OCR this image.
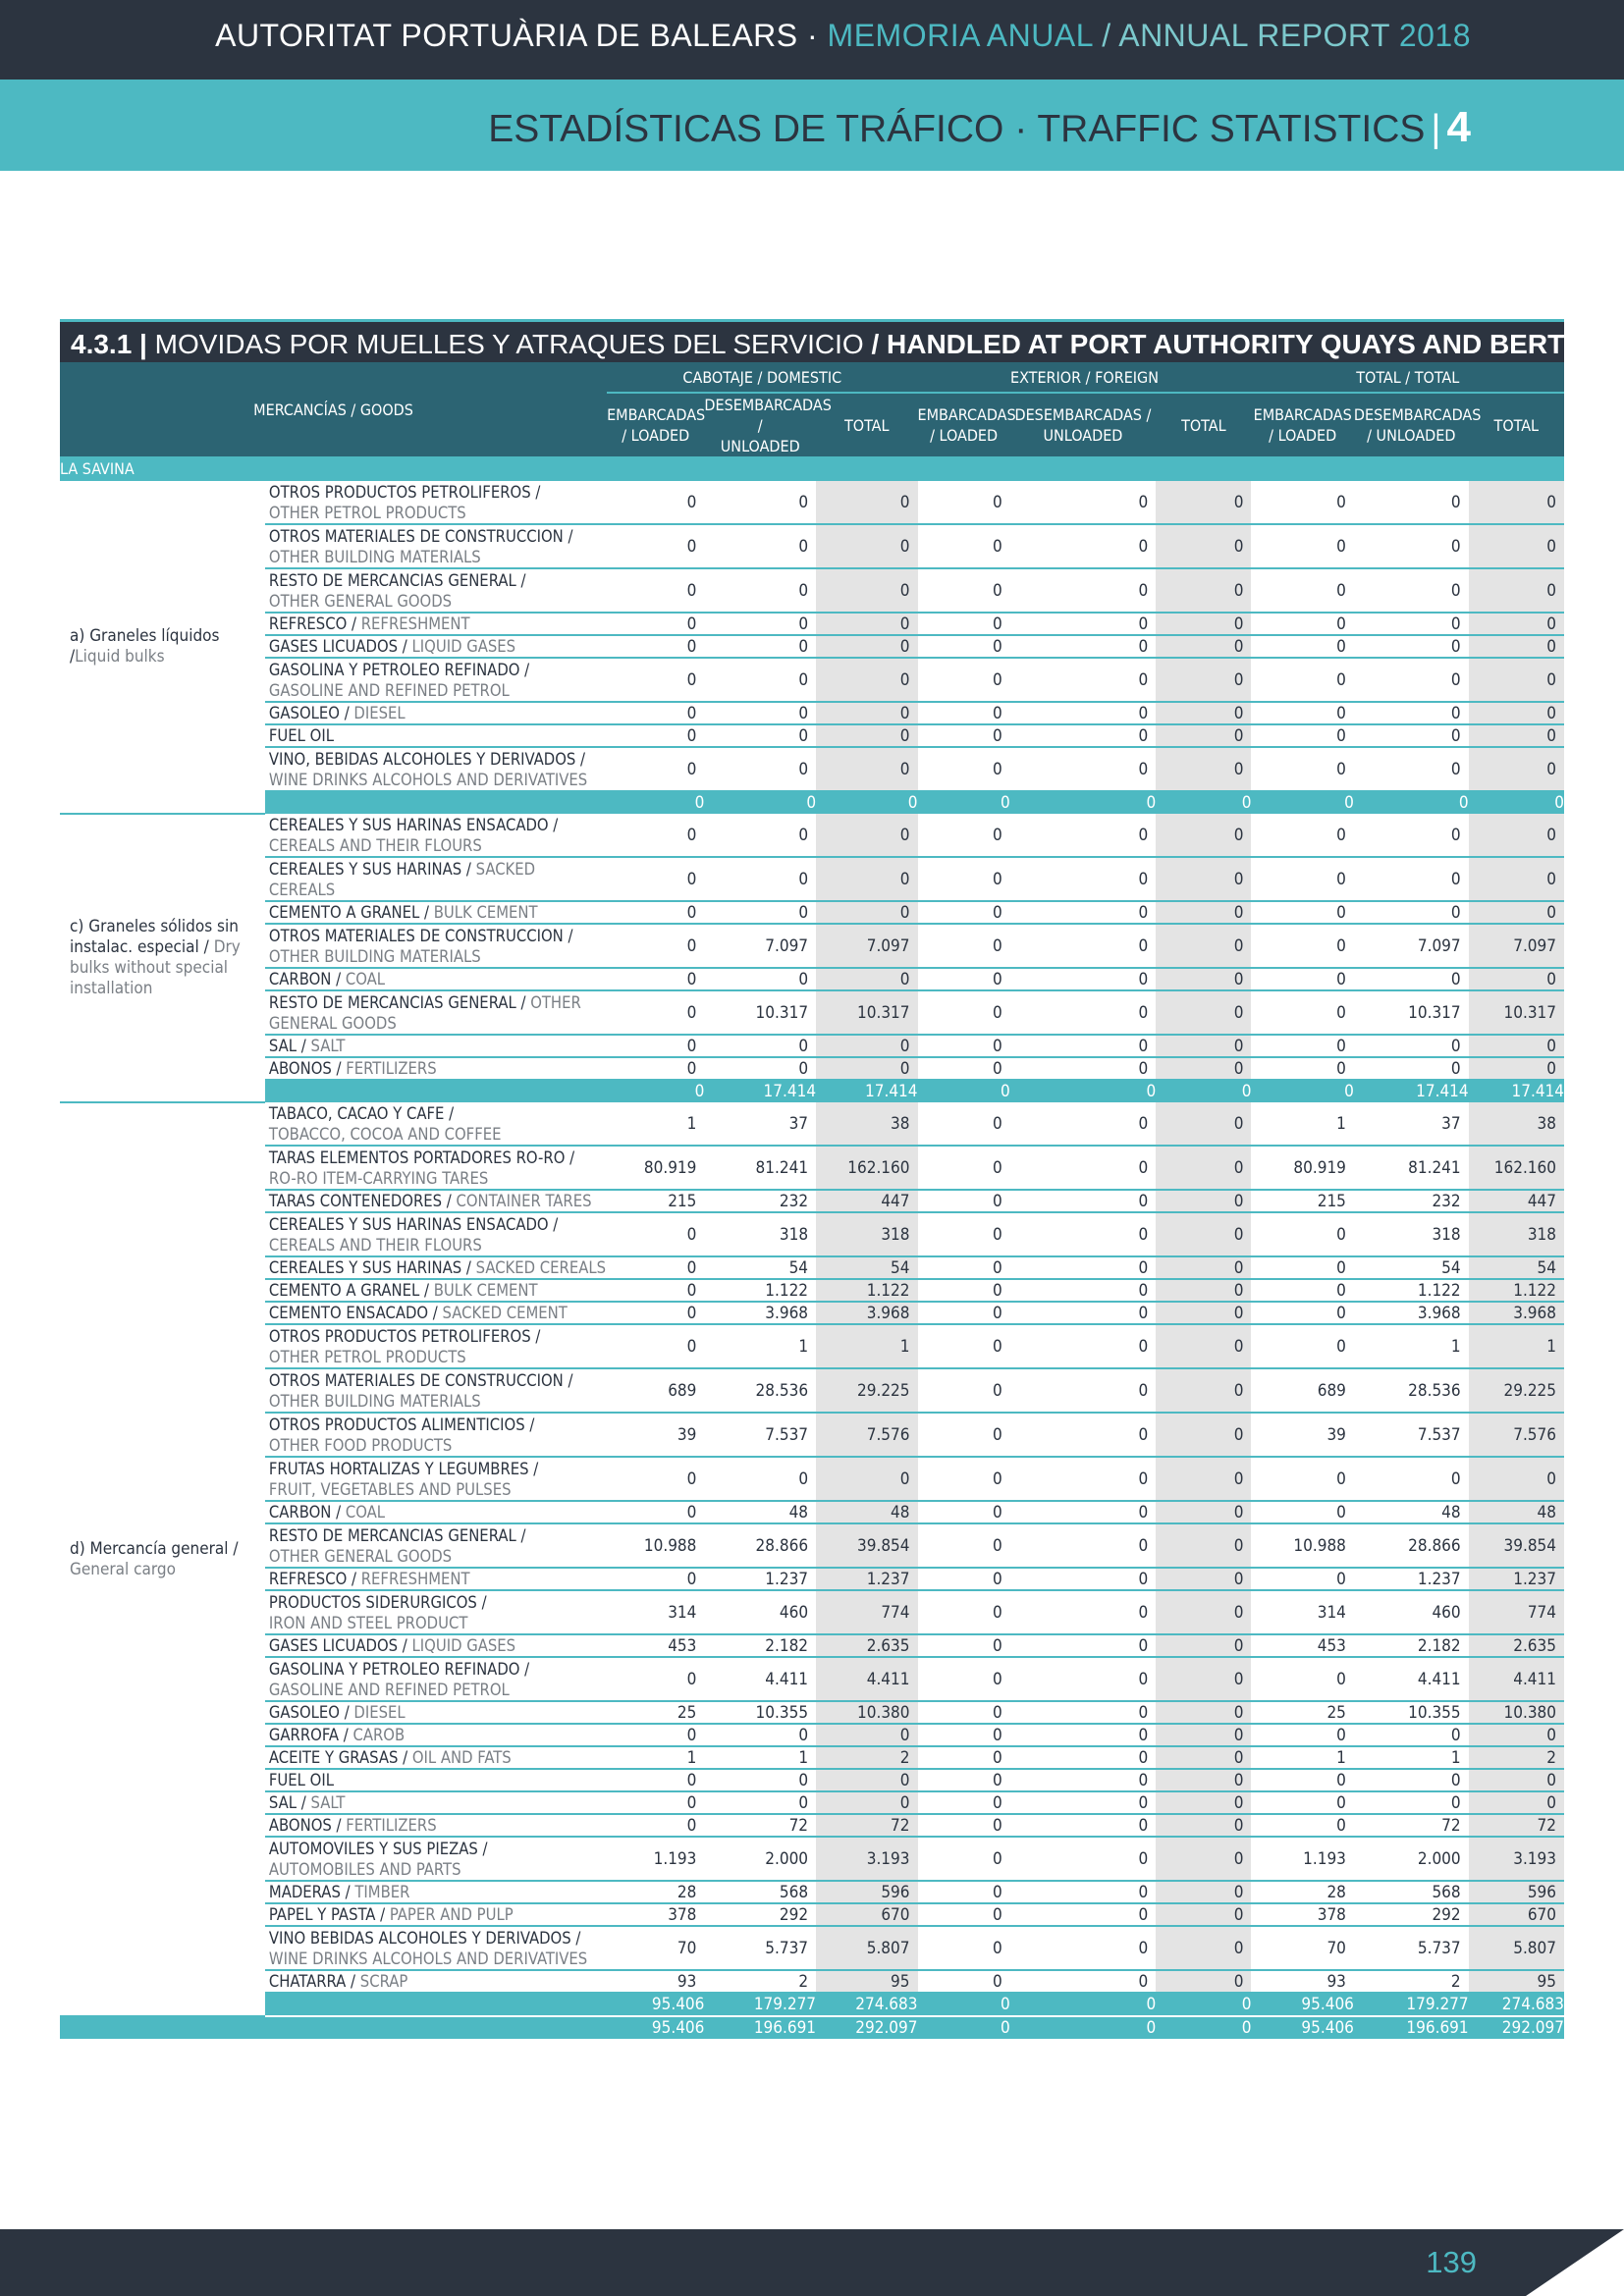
AUTORITAT PORTUÀRIA DE BALEARS · MEMORIA ANUAL / ANNUAL REPORT 2018
ESTADÍSTICAS DE TRÁFICO · TRAFFIC STATISTICS | 4
4.3.1 | MOVIDAS POR MUELLES Y ATRAQUES DEL SERVICIO / HANDLED AT PORT AUTHORITY QUAYS AND BERTHS
MERCANCÍAS / GOODS		CABOTAJE / DOMESTIC			EXTERIOR / FOREIGN			TOTAL / TOTAL		
		EMBARCADAS
/ LOADED	DESEMBARCADAS /
UNLOADED	TOTAL	EMBARCADAS
/ LOADED	DESEMBARCADAS /
UNLOADED	TOTAL	EMBARCADAS
/ LOADED	DESEMBARCADAS
/ UNLOADED	TOTAL
LA SAVINA										
a) Graneles líquidos /Liquid bulks	OTROS PRODUCTOS PETROLIFEROS /
OTHER PETROL PRODUCTS	0	0	0	0	0	0	0	0	0
	OTROS MATERIALES DE CONSTRUCCION /
OTHER BUILDING MATERIALS	0	0	0	0	0	0	0	0	0
	RESTO DE MERCANCIAS GENERAL /
OTHER GENERAL GOODS	0	0	0	0	0	0	0	0	0
	REFRESCO / REFRESHMENT	0	0	0	0	0	0	0	0	0
	GASES LICUADOS / LIQUID GASES	0	0	0	0	0	0	0	0	0
	GASOLINA Y PETROLEO REFINADO /
GASOLINE AND REFINED PETROL	0	0	0	0	0	0	0	0	0
	GASOLEO / DIESEL	0	0	0	0	0	0	0	0	0
	FUEL OIL	0	0	0	0	0	0	0	0	0
	VINO, BEBIDAS ALCOHOLES Y DERIVADOS /
WINE DRINKS ALCOHOLS AND DERIVATIVES	0	0	0	0	0	0	0	0	0
		0	0	0	0	0	0	0	0	0
c) Graneles sólidos sin instalac. especial / Dry bulks without special installation	CEREALES Y SUS HARINAS ENSACADO /
CEREALS AND THEIR FLOURS	0	0	0	0	0	0	0	0	0
	CEREALES Y SUS HARINAS / SACKED
CEREALS	0	0	0	0	0	0	0	0	0
	CEMENTO A GRANEL / BULK CEMENT	0	0	0	0	0	0	0	0	0
	OTROS MATERIALES DE CONSTRUCCION /
OTHER BUILDING MATERIALS	0	7.097	7.097	0	0	0	0	7.097	7.097
	CARBON / COAL	0	0	0	0	0	0	0	0	0
	RESTO DE MERCANCIAS GENERAL / OTHER
GENERAL GOODS	0	10.317	10.317	0	0	0	0	10.317	10.317
	SAL / SALT	0	0	0	0	0	0	0	0	0
	ABONOS / FERTILIZERS	0	0	0	0	0	0	0	0	0
		0	17.414	17.414	0	0	0	0	17.414	17.414
d) Mercancía general / General cargo	TABACO, CACAO Y CAFE /
TOBACCO, COCOA AND COFFEE	1	37	38	0	0	0	1	37	38
	TARAS ELEMENTOS PORTADORES RO-RO /
RO-RO ITEM-CARRYING TARES	80.919	81.241	162.160	0	0	0	80.919	81.241	162.160
	TARAS CONTENEDORES / CONTAINER TARES	215	232	447	0	0	0	215	232	447
	CEREALES Y SUS HARINAS ENSACADO /
CEREALS AND THEIR FLOURS	0	318	318	0	0	0	0	318	318
	CEREALES Y SUS HARINAS / SACKED CEREALS	0	54	54	0	0	0	0	54	54
	CEMENTO A GRANEL / BULK CEMENT	0	1.122	1.122	0	0	0	0	1.122	1.122
	CEMENTO ENSACADO / SACKED CEMENT	0	3.968	3.968	0	0	0	0	3.968	3.968
	OTROS PRODUCTOS PETROLIFEROS /
OTHER PETROL PRODUCTS	0	1	1	0	0	0	0	1	1
	OTROS MATERIALES DE CONSTRUCCION /
OTHER BUILDING MATERIALS	689	28.536	29.225	0	0	0	689	28.536	29.225
	OTROS PRODUCTOS ALIMENTICIOS /
OTHER FOOD PRODUCTS	39	7.537	7.576	0	0	0	39	7.537	7.576
	FRUTAS HORTALIZAS Y LEGUMBRES /
FRUIT, VEGETABLES AND PULSES	0	0	0	0	0	0	0	0	0
	CARBON / COAL	0	48	48	0	0	0	0	48	48
	RESTO DE MERCANCIAS GENERAL /
OTHER GENERAL GOODS	10.988	28.866	39.854	0	0	0	10.988	28.866	39.854
	REFRESCO / REFRESHMENT	0	1.237	1.237	0	0	0	0	1.237	1.237
	PRODUCTOS SIDERURGICOS /
IRON AND STEEL PRODUCT	314	460	774	0	0	0	314	460	774
	GASES LICUADOS / LIQUID GASES	453	2.182	2.635	0	0	0	453	2.182	2.635
	GASOLINA Y PETROLEO REFINADO /
GASOLINE AND REFINED PETROL	0	4.411	4.411	0	0	0	0	4.411	4.411
	GASOLEO / DIESEL	25	10.355	10.380	0	0	0	25	10.355	10.380
	GARROFA / CAROB	0	0	0	0	0	0	0	0	0
	ACEITE Y GRASAS / OIL AND FATS	1	1	2	0	0	0	1	1	2
	FUEL OIL	0	0	0	0	0	0	0	0	0
	SAL / SALT	0	0	0	0	0	0	0	0	0
	ABONOS / FERTILIZERS	0	72	72	0	0	0	0	72	72
	AUTOMOVILES Y SUS PIEZAS /
AUTOMOBILES AND PARTS	1.193	2.000	3.193	0	0	0	1.193	2.000	3.193
	MADERAS / TIMBER	28	568	596	0	0	0	28	568	596
	PAPEL Y PASTA / PAPER AND PULP	378	292	670	0	0	0	378	292	670
	VINO BEBIDAS ALCOHOLES Y DERIVADOS /
WINE DRINKS ALCOHOLS AND DERIVATIVES	70	5.737	5.807	0	0	0	70	5.737	5.807
	CHATARRA / SCRAP	93	2	95	0	0	0	93	2	95
		95.406	179.277	274.683	0	0	0	95.406	179.277	274.683
		95.406	196.691	292.097	0	0	0	95.406	196.691	292.097
139
